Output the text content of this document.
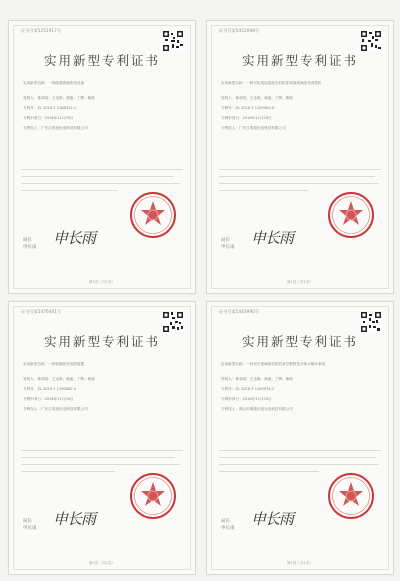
证书号第5252917号
实用新型专利证书
实用新型名称：一种曲面玻璃热弯设备
发明人：林卓明；王达明；黄毅；丁辉；柴锐
专利号：ZL 2016 2 1188312.1
专利申请日：2016年11月03日
专利权人：广东江粤旭光电科技有限公司
局长
申长雨
申长雨
第1页（共1页）
证书号第5452098号
实用新型专利证书
实用新型名称：一种可实现连续进出料的非球面玻璃热弯成型机
发明人：林卓明；王达明；黄毅；丁辉；柴锐
专利号：ZL 2016 2 1189063.X
专利申请日：2016年11月03日
专利权人：广东江粤旭光电科技有限公司
局长
申长雨
申长雨
第1页（共1页）
证书号第5476401号
实用新型专利证书
实用新型名称：一种玻璃热弯成型装置
发明人：林卓明；王达明；黄毅；丁辉；柴锐
专利号：ZL 2016 2 1190082.4
专利申请日：2016年11月03日
专利权人：广东江粤旭光电科技有限公司
局长
申长雨
申长雨
第1页（共1页）
证书号第5443990号
实用新型专利证书
实用新型名称：一种用于玻璃热弯机的真空吸附及冷却水循环系统
发明人：林卓明；王达明；黄毅；丁辉；柴锐
专利号：ZL 2016 2 1189974.2
专利申请日：2016年11月03日
专利权人：佛山市顺德区旭光电科技有限公司
局长
申长雨
申长雨
第1页（共1页）
